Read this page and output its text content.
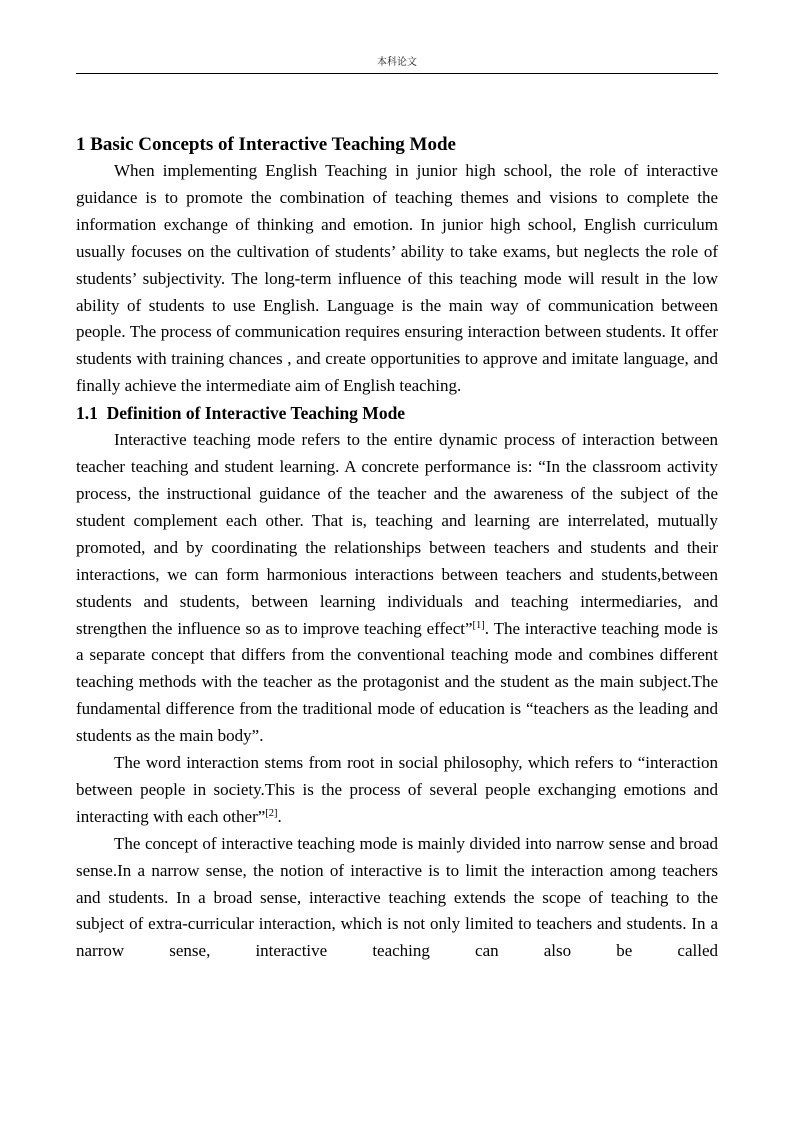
本科论文
1 Basic Concepts of Interactive Teaching Mode

When implementing English Teaching in junior high school, the role of interactive guidance is to promote the combination of teaching themes and visions to complete the information exchange of thinking and emotion. In junior high school, English curriculum usually focuses on the cultivation of students’ ability to take exams, but neglects the role of students’ subjectivity. The long-term influence of this teaching mode will result in the low ability of students to use English. Language is the main way of communication between people. The process of communication requires ensuring interaction between students. It offer students with training chances , and create opportunities to approve and imitate language, and finally achieve the intermediate aim of English teaching.

1.1  Definition of Interactive Teaching Mode

Interactive teaching mode refers to the entire dynamic process of interaction between teacher teaching and student learning. A concrete performance is: “In the classroom activity process, the instructional guidance of the teacher and the awareness of the subject of the student complement each other. That is, teaching and learning are interrelated, mutually promoted, and by coordinating the relationships between teachers and students and their interactions, we can form harmonious interactions between teachers and students,between students and students, between learning individuals and teaching intermediaries, and strengthen the influence so as to improve teaching effect”[1]. The interactive teaching mode is a separate concept that differs from the conventional teaching mode and combines different teaching methods with the teacher as the protagonist and the student as the main subject.The fundamental difference from the traditional mode of education is “teachers as the leading and students as the main body”.

The word interaction stems from root in social philosophy, which refers to “interaction between people in society.This is the process of several people exchanging emotions and interacting with each other”[2].

The concept of interactive teaching mode is mainly divided into narrow sense and broad sense.In a narrow sense, the notion of interactive is to limit the interaction among teachers and students. In a broad sense, interactive teaching extends the scope of teaching to the subject of extra-curricular interaction, which is not only limited to teachers and students. In a narrow sense, interactive teaching can also be called
